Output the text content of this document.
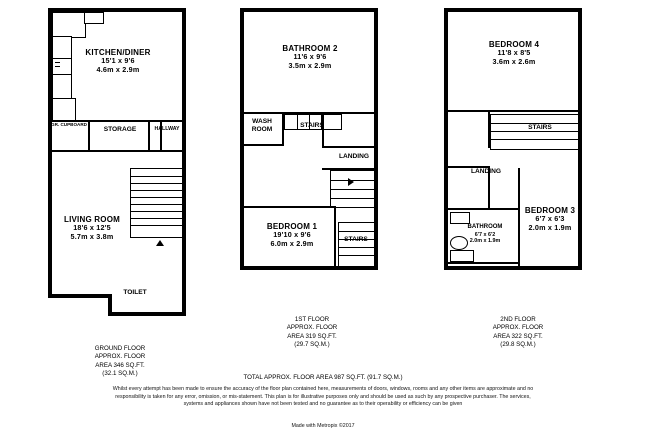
KITCHEN/DINER
15'1 x 9'6
4.6m x 2.9m
LIVING ROOM
18'6 x 12'5
5.7m x 3.8m
GR. CUPBOARD
STORAGE	HALLWAY
TOILET
GROUND FLOOR
APPROX. FLOOR
AREA 346 SQ.FT.
(32.1 SQ.M.)
BATHROOM 2
11'6 x 9'6
3.5m x 2.9m
BEDROOM 1
19'10 x 9'6
6.0m x 2.9m
WASH
ROOM
STAIRS
LANDING
STAIRS
1ST FLOOR
APPROX. FLOOR
AREA 319 SQ.FT.
(29.7 SQ.M.)
BEDROOM 4
11'8 x 8'5
3.6m x 2.6m
BEDROOM 3
6'7 x 6'3
2.0m x 1.9m
STAIRS
LANDING
BATHROOM
6'7 x 6'2
2.0m x 1.9m
2ND FLOOR
APPROX. FLOOR
AREA 322 SQ.FT.
(29.8 SQ.M.)
TOTAL APPROX. FLOOR AREA 987 SQ.FT. (91.7 SQ.M.)
Whilst every attempt has been made to ensure the accuracy of the floor plan contained here, measurements of doors, windows, rooms and any other items are approximate and no responsibility is taken for any error, omission, or mis-statement. This plan is for illustrative purposes only and should be used as such by any prospective purchaser. The services, systems and appliances shown have not been tested and no guarantee as to their operability or efficiency can be given
Made with Metropix ©2017
